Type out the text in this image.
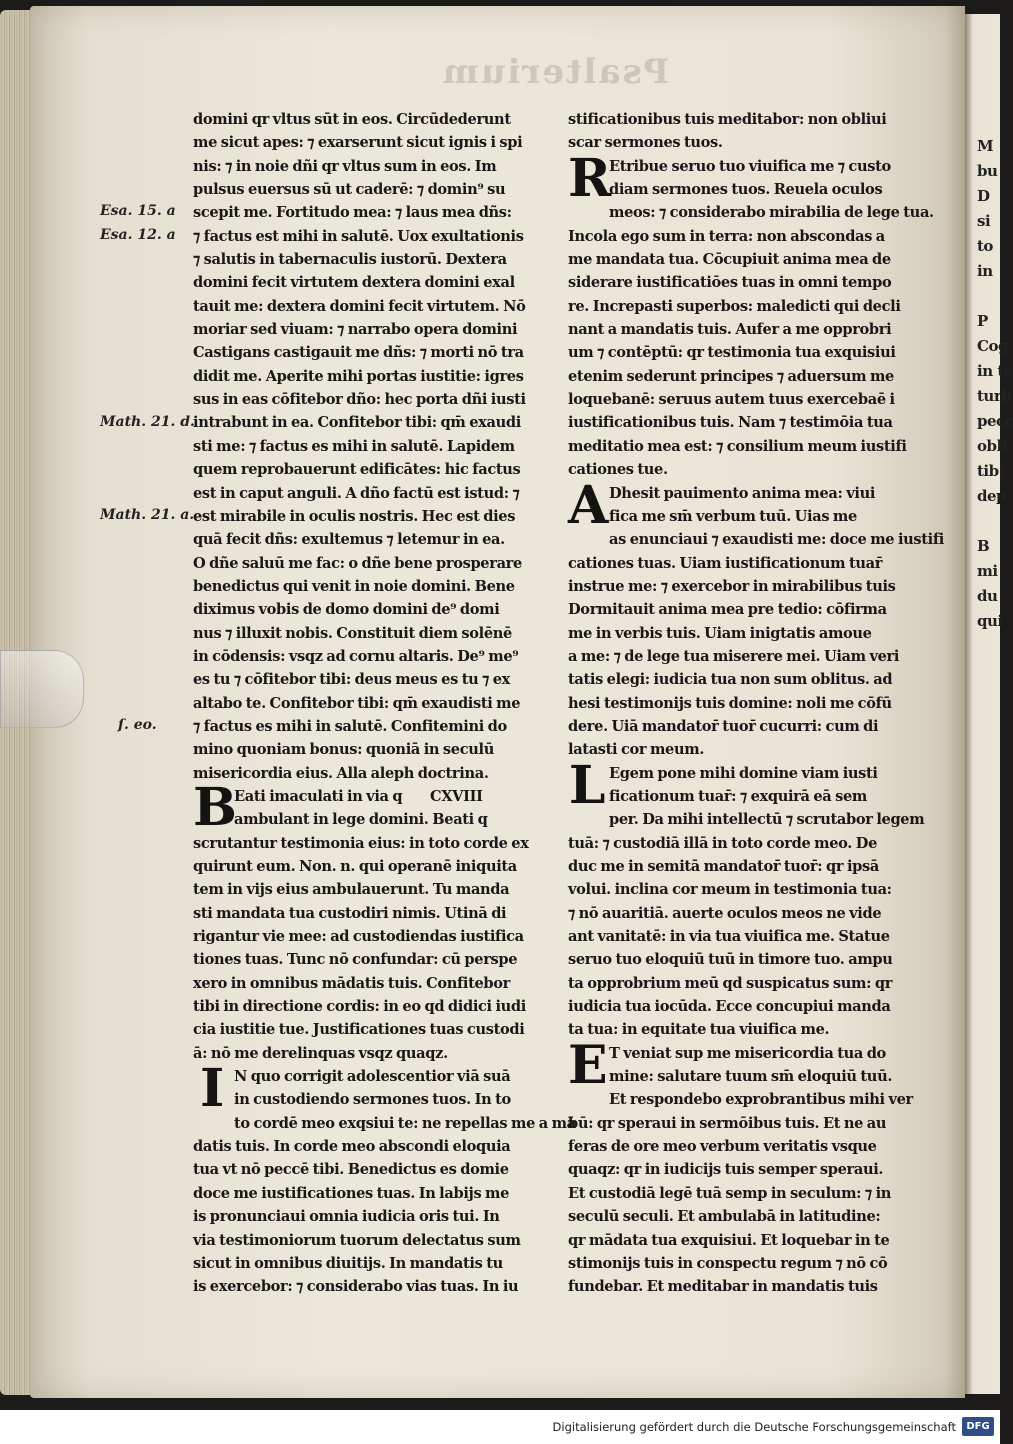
M
bu
D
si
to
in

P
Cog
in te
turb
pecc
obli
tib:
dep

B
mi
du
qui
Psalterium
Esa. 15. a
Esa. 12. a
Math. 21. d.
Math. 21. a.
ſ. eo.
domini qr vltus sūt in eos. Circūdederunt
me sicut apes: ⁊ exarserunt sicut ignis i spi
nis: ⁊ in noie dñi qr vltus sum in eos. Im
pulsus euersus sū ut caderē: ⁊ domin⁹ su
scepit me. Fortitudo mea: ⁊ laus mea dñs:
⁊ factus est mihi in salutē. Uox exultationis
⁊ salutis in tabernaculis iustorū. Dextera
domini fecit virtutem dextera domini exal
tauit me: dextera domini fecit virtutem. Nō
moriar sed viuam: ⁊ narrabo opera domini
Castigans castigauit me dñs: ⁊ morti nō tra
didit me. Aperite mihi portas iustitie: igres
sus in eas cōfitebor dño: hec porta dñi iusti
intrabunt in ea. Confitebor tibi: qm̄ exaudi
sti me: ⁊ factus es mihi in salutē. Lapidem
quem reprobauerunt edificātes: hic factus
est in caput anguli. A dño factū est istud: ⁊
est mirabile in oculis nostris. Hec est dies
quā fecit dñs: exultemus ⁊ letemur in ea.
O dñe saluū me fac: o dñe bene prosperare
benedictus qui venit in noie domini. Bene
diximus vobis de domo domini de⁹ domi
nus ⁊ illuxit nobis. Constituit diem solēnē
in cōdensis: vsqz ad cornu altaris. De⁹ me⁹
es tu ⁊ cōfitebor tibi: deus meus es tu ⁊ ex
altabo te. Confitebor tibi: qm̄ exaudisti me
⁊ factus es mihi in salutē. Confitemini do
mino quoniam bonus: quoniā in seculū
misericordia eius. Alla aleph doctrina.
Eati imaculati in via q CXVIII
B
ambulant in lege domini. Beati q
scrutantur testimonia eius: in toto corde ex
quirunt eum. Non. n. qui operanē iniquita
tem in vijs eius ambulauerunt. Tu manda
sti mandata tua custodiri nimis. Utinā di
rigantur vie mee: ad custodiendas iustifica
tiones tuas. Tunc nō confundar: cū perspe
xero in omnibus mādatis tuis. Confitebor
tibi in directione cordis: in eo qd didici iudi
cia iustitie tue. Justificationes tuas custodi
ā: nō me derelinquas vsqz quaqz.
I N quo corrigit adolescentior viā suā
in custodiendo sermones tuos. In to
to cordē meo exqsiui te: ne repellas me a mā
datis tuis. In corde meo abscondi eloquia
tua vt nō peccē tibi. Benedictus es domie
doce me iustificationes tuas. In labijs me
is pronunciaui omnia iudicia oris tui. In
via testimoniorum tuorum delectatus sum
sicut in omnibus diuitijs. In mandatis tu
is exercebor: ⁊ considerabo vias tuas. In iu
stificationibus tuis meditabor: non obliui
scar sermones tuos.
R
Etribue seruo tuo viuifica me ⁊ custo
diam sermones tuos. Reuela oculos
meos: ⁊ considerabo mirabilia de lege tua.
Incola ego sum in terra: non abscondas a
me mandata tua. Cōcupiuit anima mea de
siderare iustificatiōes tuas in omni tempo
re. Increpasti superbos: maledicti qui decli
nant a mandatis tuis. Aufer a me opprobri
um ⁊ contēptū: qr testimonia tua exquisiui
etenim sederunt principes ⁊ aduersum me
loquebanē: seruus autem tuus exercebaē i
iustificationibus tuis. Nam ⁊ testimōia tua
meditatio mea est: ⁊ consilium meum iustifi
cationes tue.
A Dhesit pauimento anima mea: viui
fica me sm̄ verbum tuū. Uias me
as enunciaui ⁊ exaudisti me: doce me iustifi
cationes tuas. Uiam iustificationum tuar̄
instrue me: ⁊ exercebor in mirabilibus tuis
Dormitauit anima mea pre tedio: cōfirma
me in verbis tuis. Uiam inigtatis amoue
a me: ⁊ de lege tua miserere mei. Uiam veri
tatis elegi: iudicia tua non sum oblitus. ad
hesi testimonijs tuis domine: noli me cōfū
dere. Uiā mandator̄ tuor̄ cucurri: cum di
latasti cor meum.
L Egem pone mihi domine viam iusti
ficationum tuar̄: ⁊ exquirā eā sem
per. Da mihi intellectū ⁊ scrutabor legem
tuā: ⁊ custodiā illā in toto corde meo. De
duc me in semitā mandator̄ tuor̄: qr ipsā
volui. inclina cor meum in testimonia tua:
⁊ nō auaritiā. auerte oculos meos ne vide
ant vanitatē: in via tua viuifica me. Statue
seruo tuo eloquiū tuū in timore tuo. ampu
ta opprobrium meū qd suspicatus sum: qr
iudicia tua iocūda. Ecce concupiui manda
ta tua: in equitate tua viuifica me.
E T veniat sup me misericordia tua do
mine: salutare tuum sm̄ eloquiū tuū.
Et respondebo exprobrantibus mihi ver
bū: qr speraui in sermōibus tuis. Et ne au
feras de ore meo verbum veritatis vsque
quaqz: qr in iudicijs tuis semper speraui.
Et custodiā legē tuā semp in seculum: ⁊ in
seculū seculi. Et ambulabā in latitudine:
qr mādata tua exquisiui. Et loquebar in te
stimonijs tuis in conspectu regum ⁊ nō cō
fundebar. Et meditabar in mandatis tuis
Digitalisierung gefördert durch die Deutsche Forschungsgemeinschaft	DFG
